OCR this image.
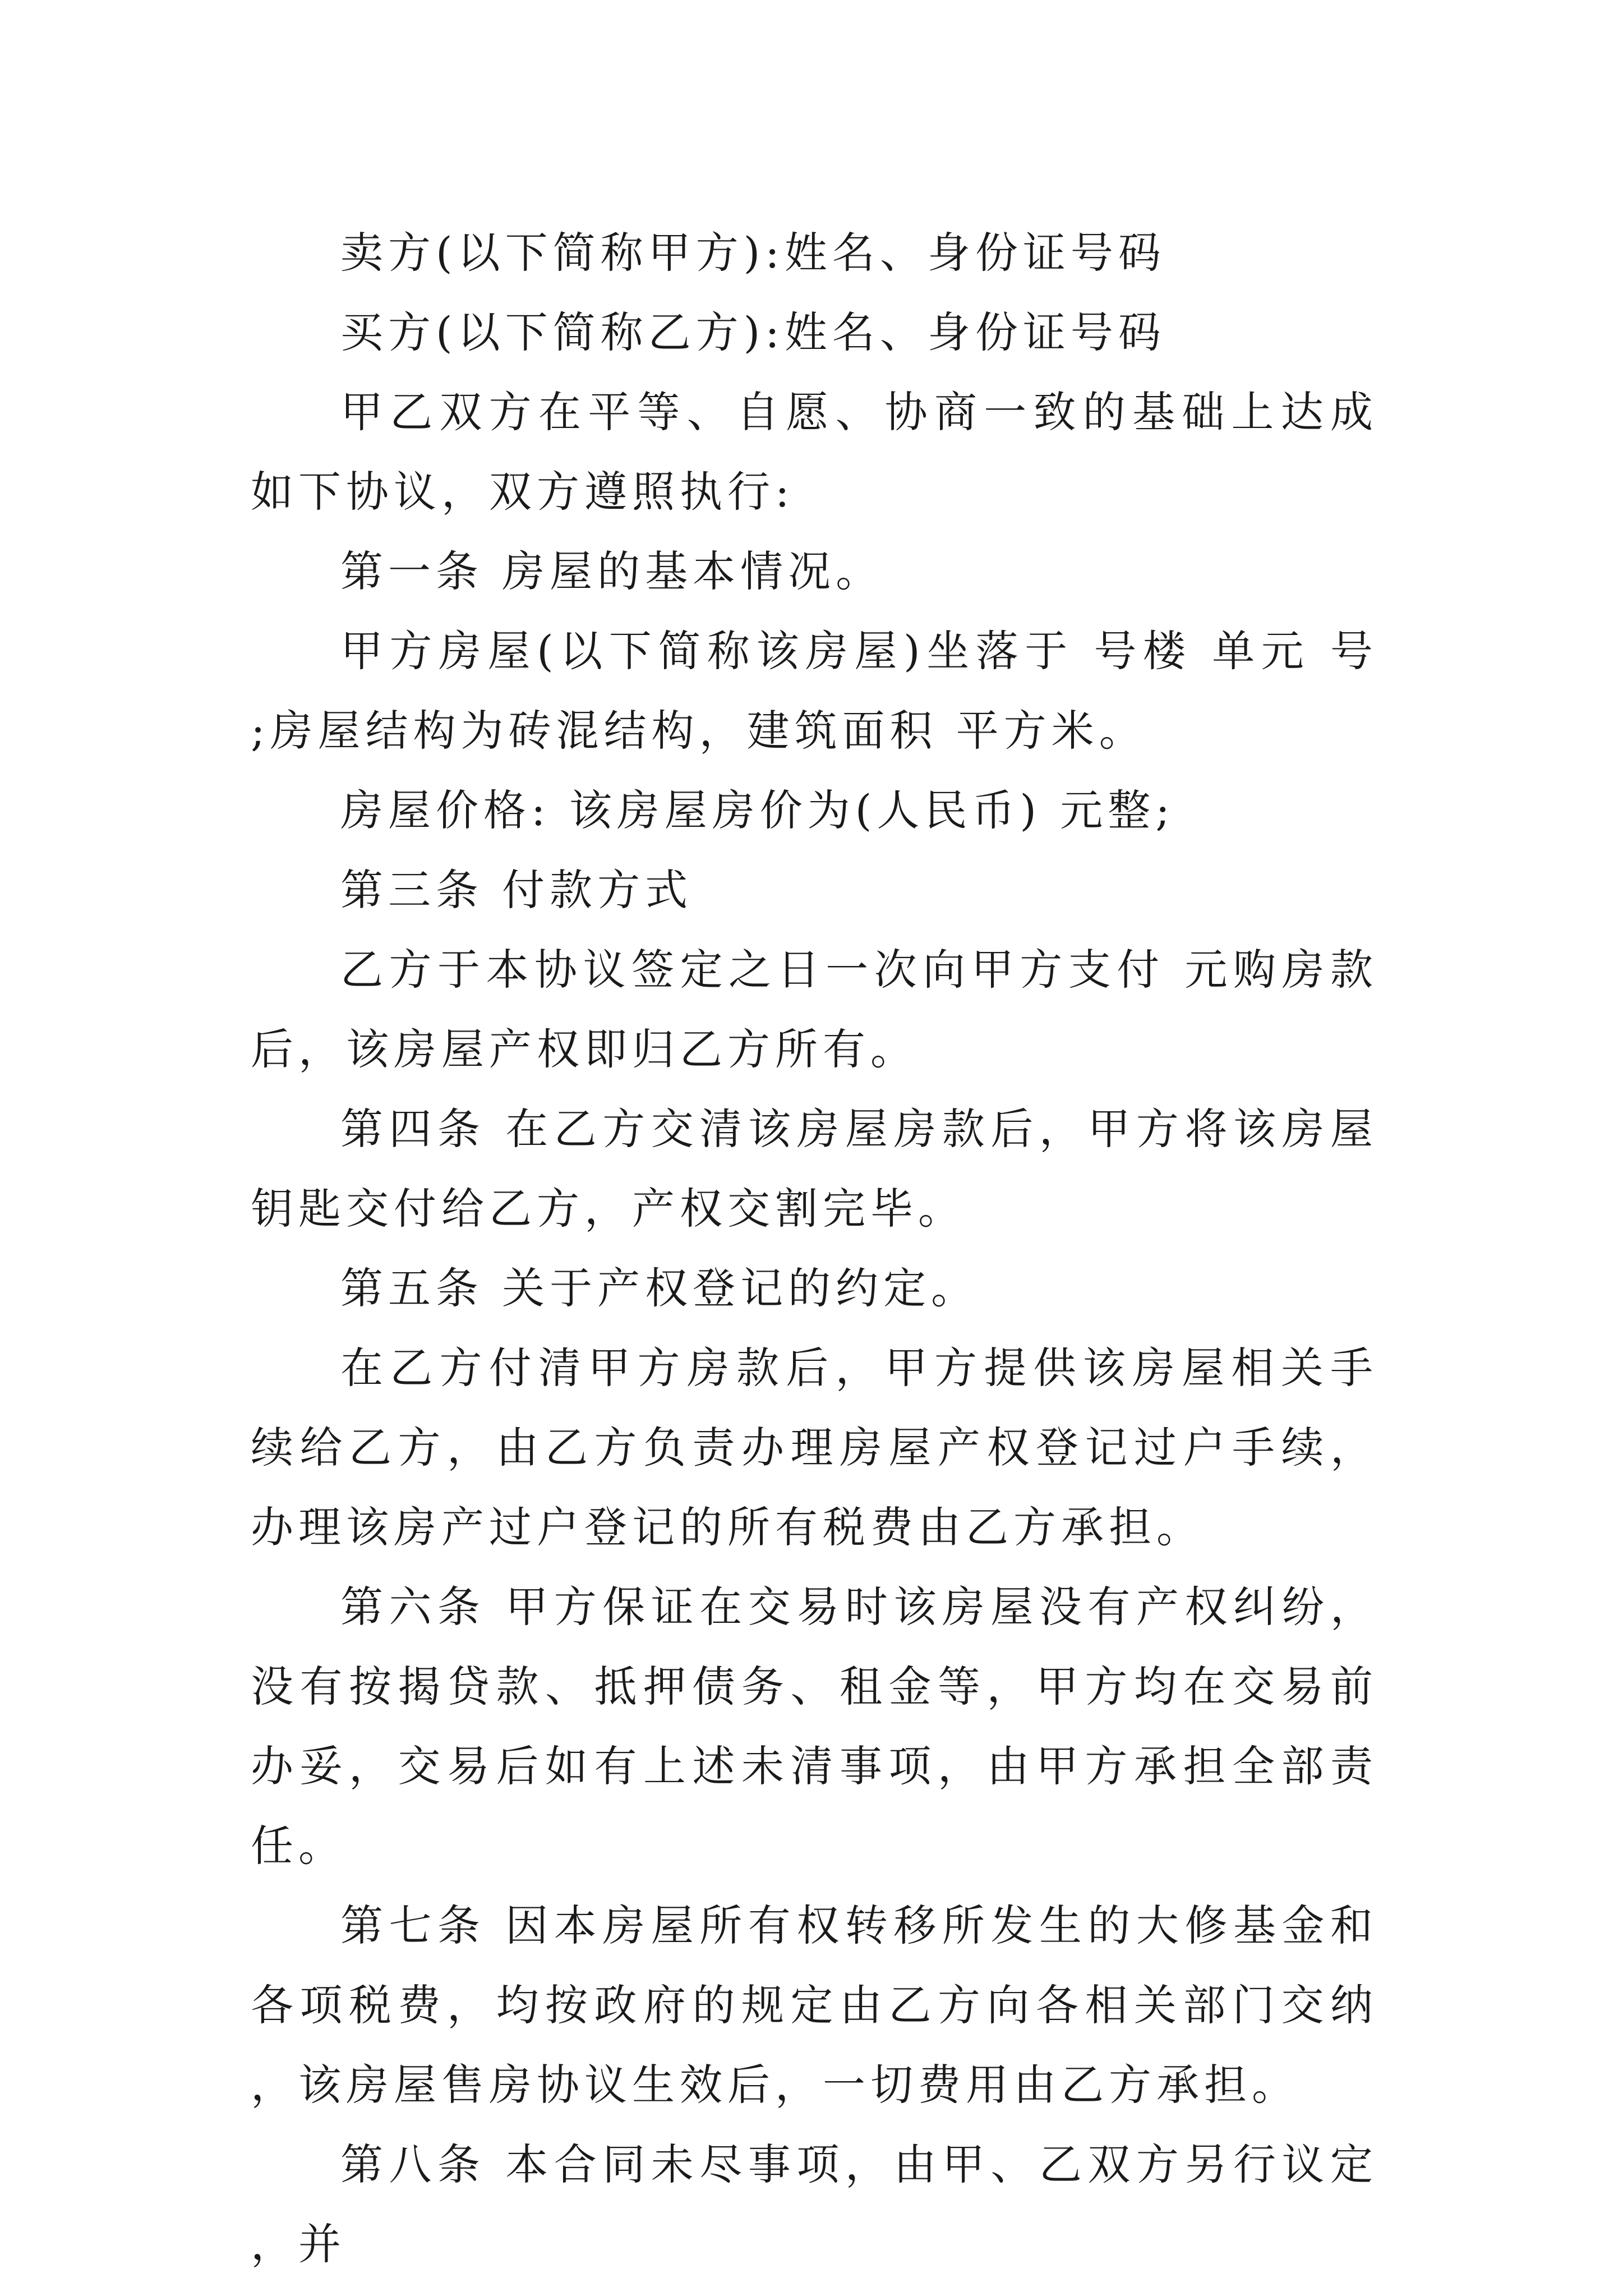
卖方(以下简称甲方):姓名、身份证号码

买方(以下简称乙方):姓名、身份证号码

甲乙双方在平等、自愿、协商一致的基础上达成如下协议，双方遵照执行:

第一条 房屋的基本情况。

甲方房屋(以下简称该房屋)坐落于 号楼 单元 号 ;房屋结构为砖混结构，建筑面积 平方米。

房屋价格: 该房屋房价为(人民币) 元整;

第三条 付款方式

乙方于本协议签定之日一次向甲方支付 元购房款后，该房屋产权即归乙方所有。

第四条 在乙方交清该房屋房款后，甲方将该房屋钥匙交付给乙方，产权交割完毕。

第五条 关于产权登记的约定。

在乙方付清甲方房款后，甲方提供该房屋相关手续给乙方，由乙方负责办理房屋产权登记过户手续，办理该房产过户登记的所有税费由乙方承担。

第六条 甲方保证在交易时该房屋没有产权纠纷，没有按揭贷款、抵押债务、租金等，甲方均在交易前办妥，交易后如有上述未清事项，由甲方承担全部责任。

第七条 因本房屋所有权转移所发生的大修基金和各项税费，均按政府的规定由乙方向各相关部门交纳，该房屋售房协议生效后，一切费用由乙方承担。

第八条 本合同未尽事项，由甲、乙双方另行议定，并
